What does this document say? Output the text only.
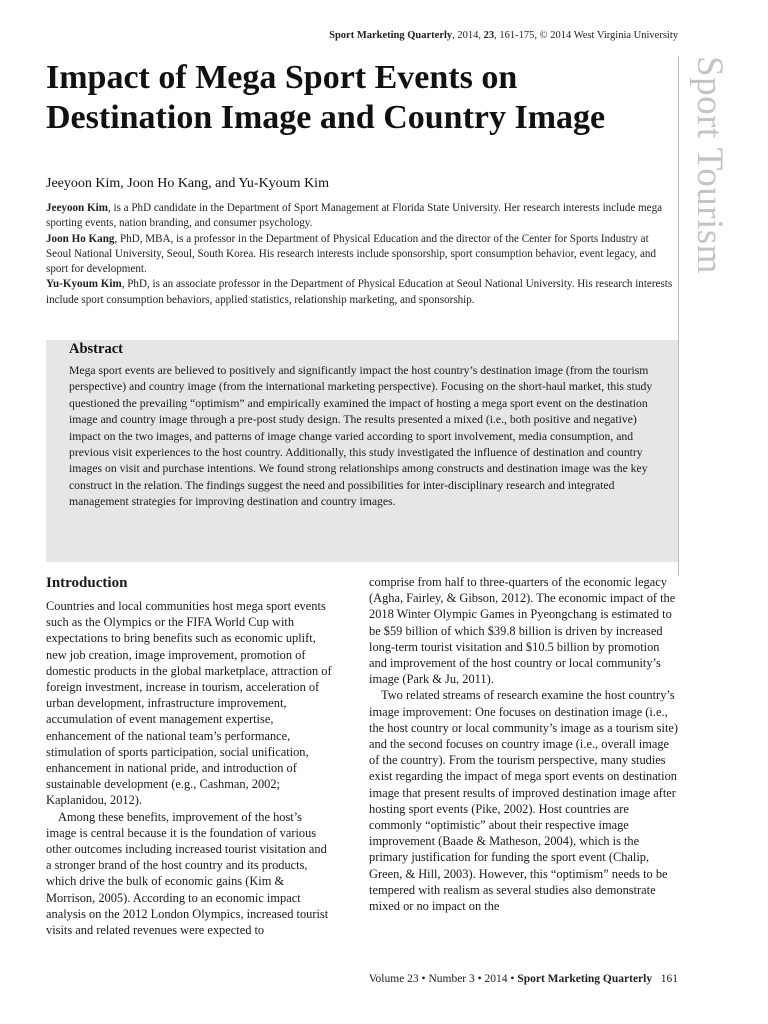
Sport Marketing Quarterly, 2014, 23, 161-175, © 2014 West Virginia University
Sport Tourism
Impact of Mega Sport Events on Destination Image and Country Image
Jeeyoon Kim, Joon Ho Kang, and Yu-Kyoum Kim

Jeeyoon Kim, is a PhD candidate in the Department of Sport Management at Florida State University. Her research interests include mega sporting events, nation branding, and consumer psychology.

Joon Ho Kang, PhD, MBA, is a professor in the Department of Physical Education and the director of the Center for Sports Industry at Seoul National University, Seoul, South Korea. His research interests include sponsorship, sport consumption behavior, event legacy, and sport for development.

Yu-Kyoum Kim, PhD, is an associate professor in the Department of Physical Education at Seoul National University. His research interests include sport consumption behaviors, applied statistics, relationship marketing, and sponsorship.

Abstract

Mega sport events are believed to positively and significantly impact the host country’s destination image (from the tourism perspective) and country image (from the international marketing perspective). Focusing on the short-haul market, this study questioned the prevailing “optimism” and empirically examined the impact of hosting a mega sport event on the destination image and country image through a pre-post study design. The results presented a mixed (i.e., both positive and negative) impact on the two images, and patterns of image change varied according to sport involvement, media consumption, and previous visit experiences to the host country. Additionally, this study investigated the influence of destination and country images on visit and purchase intentions. We found strong relationships among constructs and destination image was the key construct in the relation. The findings suggest the need and possibilities for inter-disciplinary research and integrated management strategies for improving destination and country images.

Introduction

Countries and local communities host mega sport events such as the Olympics or the FIFA World Cup with expectations to bring benefits such as economic uplift, new job creation, image improvement, promotion of domestic products in the global marketplace, attraction of foreign investment, increase in tourism, acceleration of urban development, infrastructure improvement, accumulation of event management expertise, enhancement of the national team’s performance, stimulation of sports participation, social unification, enhancement in national pride, and introduction of sustainable development (e.g., Cashman, 2002; Kaplanidou, 2012).

Among these benefits, improvement of the host’s image is central because it is the foundation of various other outcomes including increased tourist visitation and a stronger brand of the host country and its products, which drive the bulk of economic gains (Kim & Morrison, 2005). According to an economic impact analysis on the 2012 London Olympics, increased tourist visits and related revenues were expected to

comprise from half to three-quarters of the economic legacy (Agha, Fairley, & Gibson, 2012). The economic impact of the 2018 Winter Olympic Games in Pyeongchang is estimated to be $59 billion of which $39.8 billion is driven by increased long-term tourist visitation and $10.5 billion by promotion and improvement of the host country or local community’s image (Park & Ju, 2011).

Two related streams of research examine the host country’s image improvement: One focuses on destination image (i.e., the host country or local community’s image as a tourism site) and the second focuses on country image (i.e., overall image of the country). From the tourism perspective, many studies exist regarding the impact of mega sport events on destination image that present results of improved destination image after hosting sport events (Pike, 2002). Host countries are commonly “optimistic” about their respective image improvement (Baade & Matheson, 2004), which is the primary justification for funding the sport event (Chalip, Green, & Hill, 2003). However, this “optimism” needs to be tempered with realism as several studies also demonstrate mixed or no impact on the

Volume 23 • Number 3 • 2014 • Sport Marketing Quarterly 161
